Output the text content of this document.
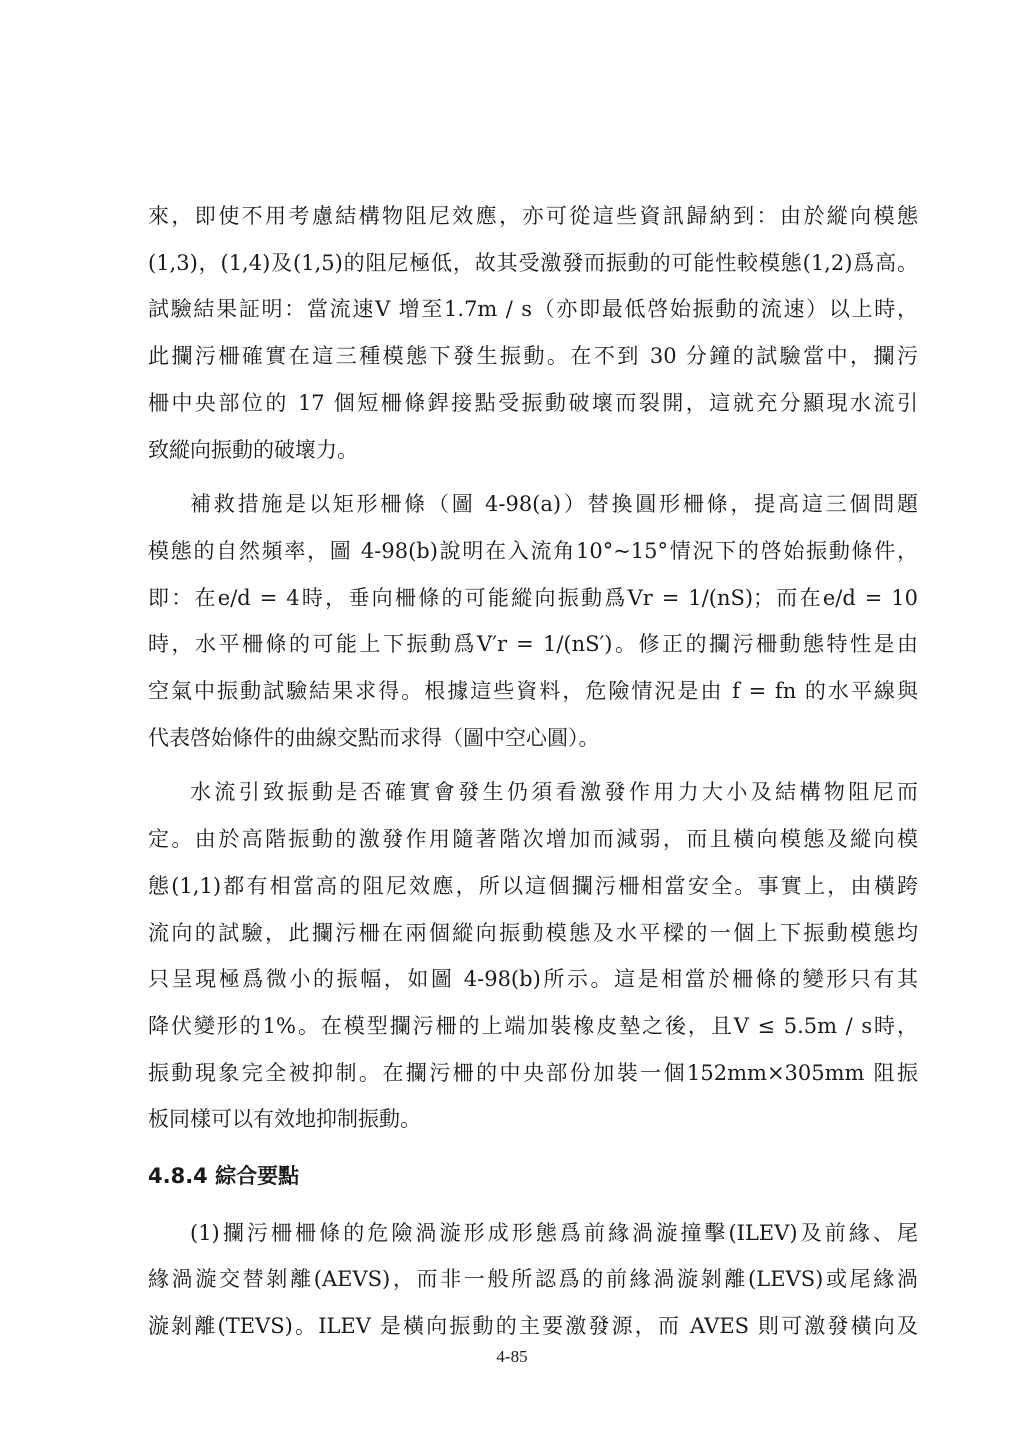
來，即使不用考慮結構物阻尼效應，亦可從這些資訊歸納到：由於縱向模態
(1,3)，(1,4)及(1,5)的阻尼極低，故其受激發而振動的可能性較模態(1,2)爲高。
試驗結果証明：當流速V 增至1.7m / s（亦即最低啓始振動的流速）以上時，
此攔污柵確實在這三種模態下發生振動。在不到 30 分鐘的試驗當中，攔污
柵中央部位的 17 個短柵條銲接點受振動破壞而裂開，這就充分顯現水流引
致縱向振動的破壞力。
補救措施是以矩形柵條（圖 4-98(a)）替換圓形柵條，提高這三個問題
模態的自然頻率，圖 4-98(b)說明在入流角10°~15°情況下的啓始振動條件，
即：在e/d = 4時，垂向柵條的可能縱向振動爲Vr = 1/(nS)；而在e/d = 10
時，水平柵條的可能上下振動爲V′r = 1/(nS′)。修正的攔污柵動態特性是由
空氣中振動試驗結果求得。根據這些資料，危險情況是由 f = fn 的水平線與
代表啓始條件的曲線交點而求得（圖中空心圓）。
水流引致振動是否確實會發生仍須看激發作用力大小及結構物阻尼而
定。由於高階振動的激發作用隨著階次增加而減弱，而且橫向模態及縱向模
態(1,1)都有相當高的阻尼效應，所以這個攔污柵相當安全。事實上，由橫跨
流向的試驗，此攔污柵在兩個縱向振動模態及水平樑的一個上下振動模態均
只呈現極爲微小的振幅，如圖 4-98(b)所示。這是相當於柵條的變形只有其
降伏變形的1%。在模型攔污柵的上端加裝橡皮墊之後，且V ≤ 5.5m / s時，
振動現象完全被抑制。在攔污柵的中央部份加裝一個152mm×305mm 阻振
板同樣可以有效地抑制振動。
4.8.4 綜合要點
(1)攔污柵柵條的危險渦漩形成形態爲前緣渦漩撞擊(ILEV)及前緣、尾
緣渦漩交替剝離(AEVS)，而非一般所認爲的前緣渦漩剝離(LEVS)或尾緣渦
漩剝離(TEVS)。ILEV 是橫向振動的主要激發源，而 AVES 則可激發橫向及
4-85
